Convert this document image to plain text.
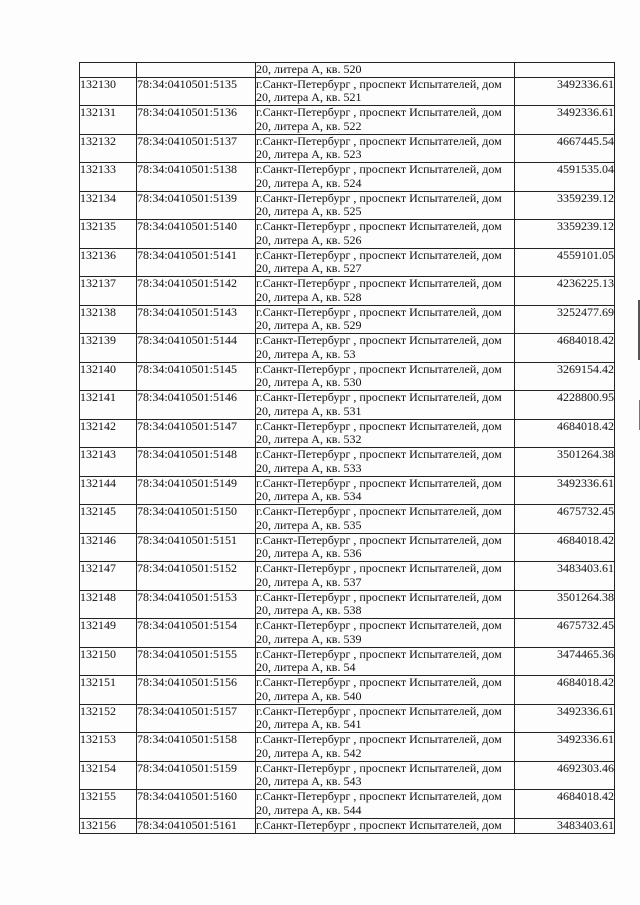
		20, литера А, кв. 520	

132130	78:34:0410501:5135	г.Санкт-Петербург , проспект Испытателей, дом
20, литера А, кв. 521	3492336.61
132131	78:34:0410501:5136	г.Санкт-Петербург , проспект Испытателей, дом
20, литера А, кв. 522	3492336.61
132132	78:34:0410501:5137	г.Санкт-Петербург , проспект Испытателей, дом
20, литера А, кв. 523	4667445.54
132133	78:34:0410501:5138	г.Санкт-Петербург , проспект Испытателей, дом
20, литера А, кв. 524	4591535.04
132134	78:34:0410501:5139	г.Санкт-Петербург , проспект Испытателей, дом
20, литера А, кв. 525	3359239.12
132135	78:34:0410501:5140	г.Санкт-Петербург , проспект Испытателей, дом
20, литера А, кв. 526	3359239.12
132136	78:34:0410501:5141	г.Санкт-Петербург , проспект Испытателей, дом
20, литера А, кв. 527	4559101.05
132137	78:34:0410501:5142	г.Санкт-Петербург , проспект Испытателей, дом
20, литера А, кв. 528	4236225.13
132138	78:34:0410501:5143	г.Санкт-Петербург , проспект Испытателей, дом
20, литера А, кв. 529	3252477.69
132139	78:34:0410501:5144	г.Санкт-Петербург , проспект Испытателей, дом
20, литера А, кв. 53	4684018.42
132140	78:34:0410501:5145	г.Санкт-Петербург , проспект Испытателей, дом
20, литера А, кв. 530	3269154.42
132141	78:34:0410501:5146	г.Санкт-Петербург , проспект Испытателей, дом
20, литера А, кв. 531	4228800.95
132142	78:34:0410501:5147	г.Санкт-Петербург , проспект Испытателей, дом
20, литера А, кв. 532	4684018.42
132143	78:34:0410501:5148	г.Санкт-Петербург , проспект Испытателей, дом
20, литера А, кв. 533	3501264.38
132144	78:34:0410501:5149	г.Санкт-Петербург , проспект Испытателей, дом
20, литера А, кв. 534	3492336.61
132145	78:34:0410501:5150	г.Санкт-Петербург , проспект Испытателей, дом
20, литера А, кв. 535	4675732.45
132146	78:34:0410501:5151	г.Санкт-Петербург , проспект Испытателей, дом
20, литера А, кв. 536	4684018.42
132147	78:34:0410501:5152	г.Санкт-Петербург , проспект Испытателей, дом
20, литера А, кв. 537	3483403.61
132148	78:34:0410501:5153	г.Санкт-Петербург , проспект Испытателей, дом
20, литера А, кв. 538	3501264.38
132149	78:34:0410501:5154	г.Санкт-Петербург , проспект Испытателей, дом
20, литера А, кв. 539	4675732.45
132150	78:34:0410501:5155	г.Санкт-Петербург , проспект Испытателей, дом
20, литера А, кв. 54	3474465.36
132151	78:34:0410501:5156	г.Санкт-Петербург , проспект Испытателей, дом
20, литера А, кв. 540	4684018.42
132152	78:34:0410501:5157	г.Санкт-Петербург , проспект Испытателей, дом
20, литера А, кв. 541	3492336.61
132153	78:34:0410501:5158	г.Санкт-Петербург , проспект Испытателей, дом
20, литера А, кв. 542	3492336.61
132154	78:34:0410501:5159	г.Санкт-Петербург , проспект Испытателей, дом
20, литера А, кв. 543	4692303.46
132155	78:34:0410501:5160	г.Санкт-Петербург , проспект Испытателей, дом
20, литера А, кв. 544	4684018.42
132156	78:34:0410501:5161	г.Санкт-Петербург , проспект Испытателей, дом	3483403.61
